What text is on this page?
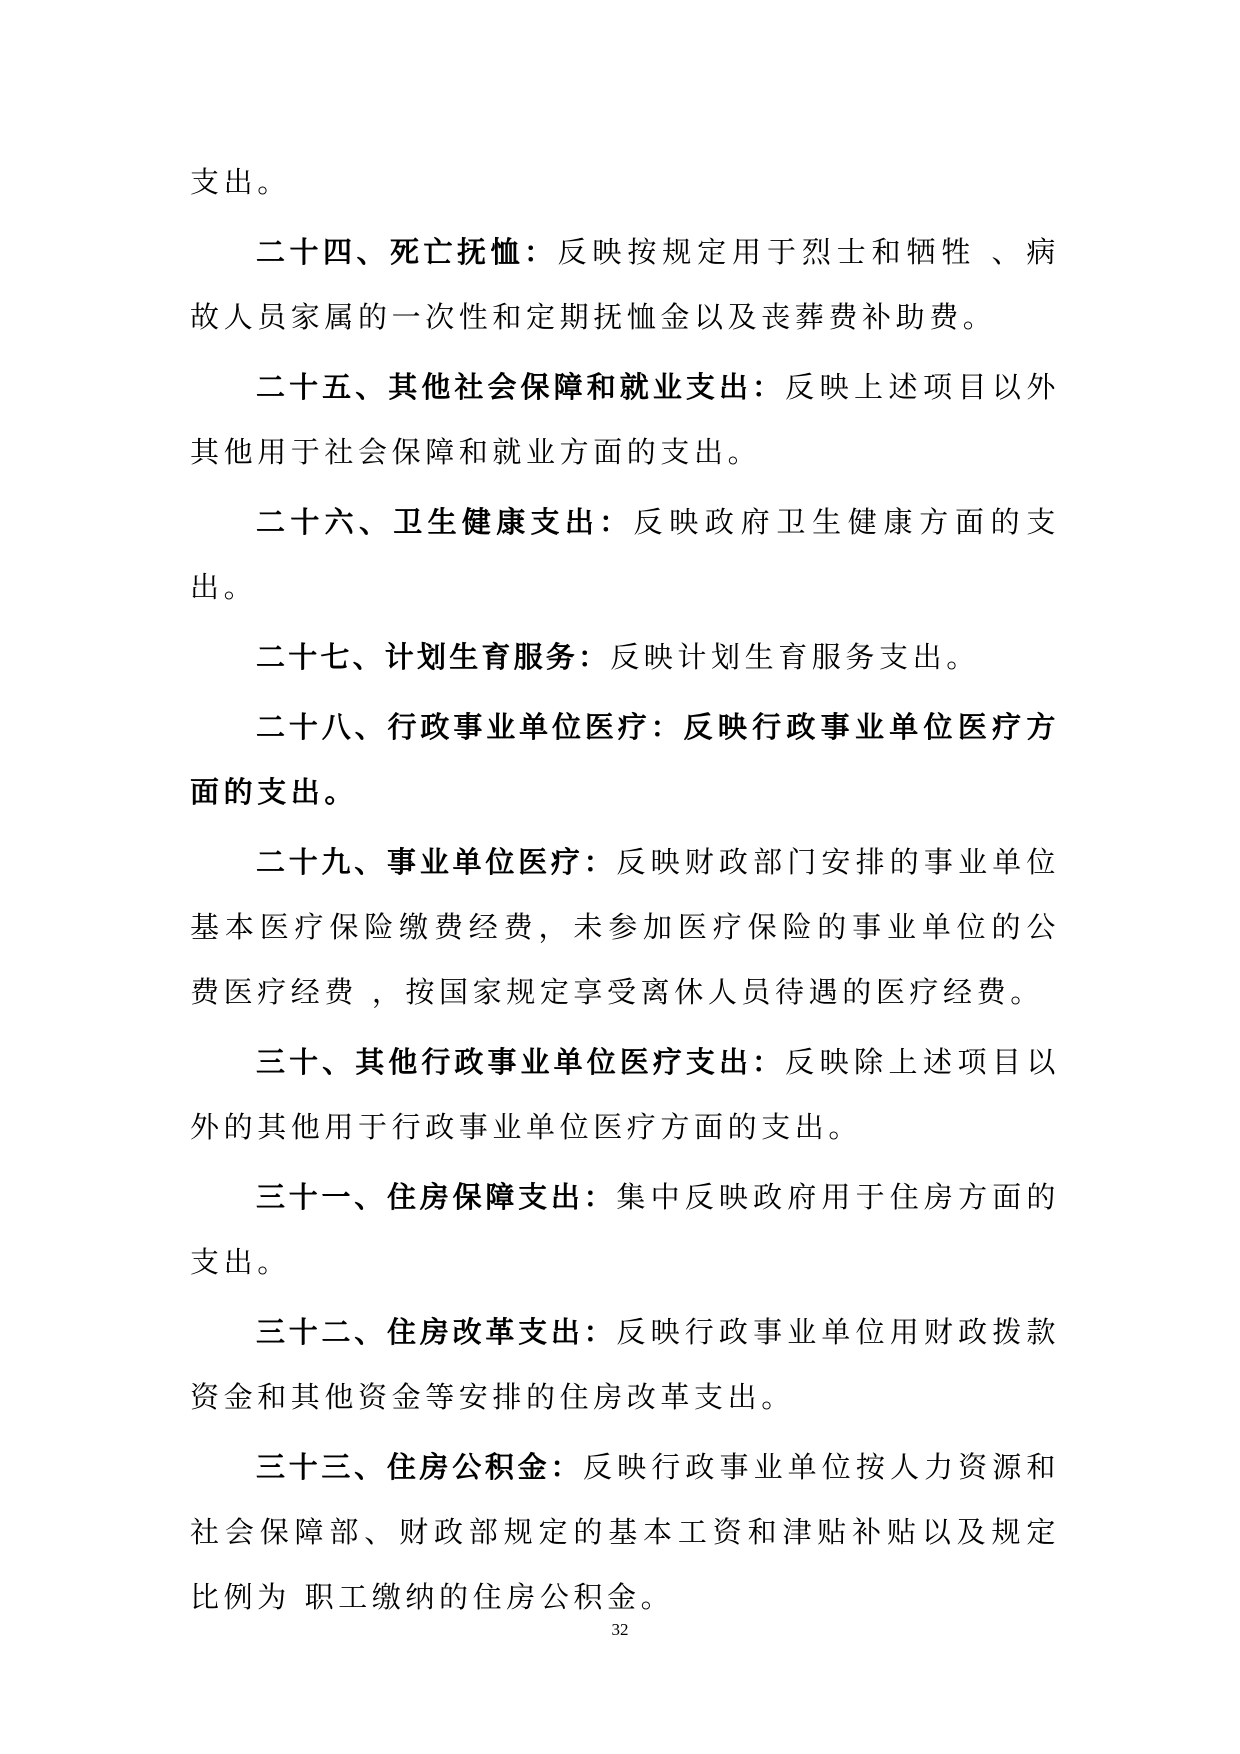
支出。

二十四、死亡抚恤：反映按规定用于烈士和牺牲 、病故人员家属的一次性和定期抚恤金以及丧葬费补助费。

二十五、其他社会保障和就业支出：反映上述项目以外其他用于社会保障和就业方面的支出。

二十六、卫生健康支出：反映政府卫生健康方面的支出。

二十七、计划生育服务：反映计划生育服务支出。

二十八、行政事业单位医疗：反映行政事业单位医疗方面的支出。

二十九、事业单位医疗：反映财政部门安排的事业单位基本医疗保险缴费经费，未参加医疗保险的事业单位的公费医疗经费 ，按国家规定享受离休人员待遇的医疗经费。

三十、其他行政事业单位医疗支出：反映除上述项目以外的其他用于行政事业单位医疗方面的支出。

三十一、住房保障支出：集中反映政府用于住房方面的支出。

三十二、住房改革支出：反映行政事业单位用财政拨款资金和其他资金等安排的住房改革支出。

三十三、住房公积金：反映行政事业单位按人力资源和社会保障部、财政部规定的基本工资和津贴补贴以及规定比例为 职工缴纳的住房公积金。

32
